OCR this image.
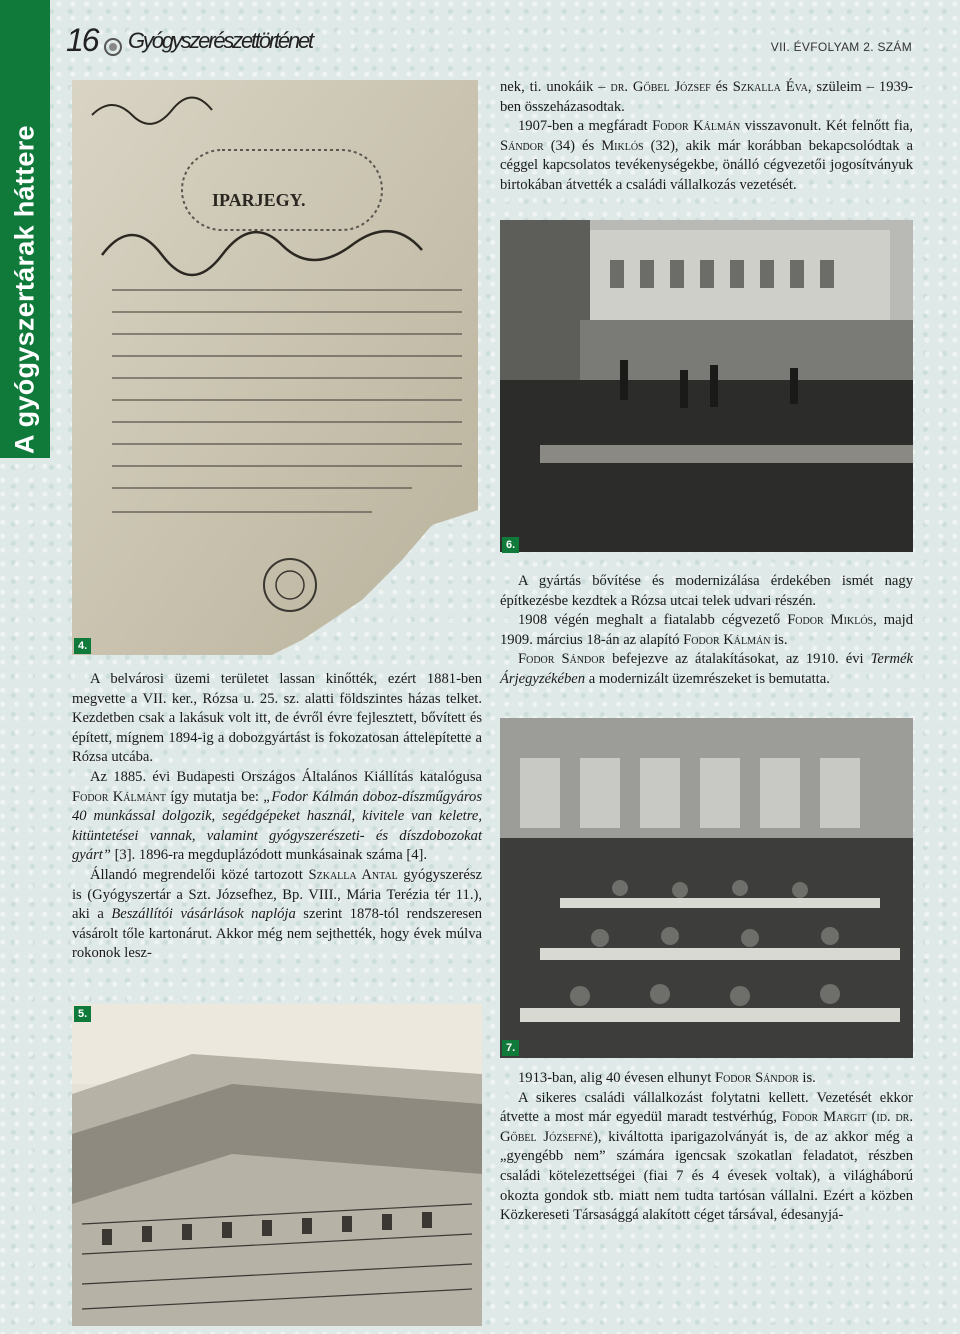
A gyógyszertárak háttere
16 Gyógyszerészettörténet	VII. ÉVFOLYAM 2. SZÁM
IPARJEGY.
4.
6.
7.
5.

nek, ti. unokáik – dr. Gőbel József és Szkalla Éva, szüleim – 1939-ben összeházasodtak.

1907-ben a megfáradt Fodor Kálmán visszavonult. Két felnőtt fia, Sándor (34) és Miklós (32), akik már korábban bekapcsolódtak a céggel kapcsolatos tevékenységekbe, önálló cégvezetői jogosítványuk birtokában átvették a családi vállalkozás vezetését.

A gyártás bővítése és modernizálása érdekében ismét nagy építkezésbe kezdtek a Rózsa utcai telek udvari részén.

1908 végén meghalt a fiatalabb cégvezető Fodor Miklós, majd 1909. március 18-án az alapító Fodor Kálmán is.

Fodor Sándor befejezve az átalakításokat, az 1910. évi Termék Árjegyzékében a modernizált üzemrészeket is bemutatta.

A belvárosi üzemi területet lassan kinőtték, ezért 1881-ben megvette a VII. ker., Rózsa u. 25. sz. alatti földszintes házas telket. Kezdetben csak a lakásuk volt itt, de évről évre fejlesztett, bővített és épített, mígnem 1894-ig a dobozgyártást is fokozatosan áttelepítette a Rózsa utcába.

Az 1885. évi Budapesti Országos Általános Kiállítás katalógusa Fodor Kálmánt így mutatja be: „Fodor Kálmán doboz-díszműgyáros 40 munkással dolgozik, segédgépeket használ, kivitele van keletre, kitüntetései vannak, valamint gyógyszerészeti- és díszdobozokat gyárt” [3]. 1896-ra megduplázódott munkásainak száma [4].

Állandó megrendelői közé tartozott Szkalla Antal gyógyszerész is (Gyógyszertár a Szt. Józsefhez, Bp. VIII., Mária Terézia tér 11.), aki a Beszállítói vásárlások naplója szerint 1878-tól rendszeresen vásárolt tőle kartonárut. Akkor még nem sejthették, hogy évek múlva rokonok lesz-

1913-ban, alig 40 évesen elhunyt Fodor Sándor is.

A sikeres családi vállalkozást folytatni kellett. Vezetését ekkor átvette a most már egyedül maradt testvérhúg, Fodor Margit (id. dr. Gőbel Józsefné), kiváltotta iparigazolványát is, de az akkor még a „gyengébb nem” számára igencsak szokatlan feladatot, részben családi kötelezettségei (fiai 7 és 4 évesek voltak), a világháború okozta gondok stb. miatt nem tudta tartósan vállalni. Ezért a közben Közkereseti Társasággá alakított céget társával, édesanyjá-
